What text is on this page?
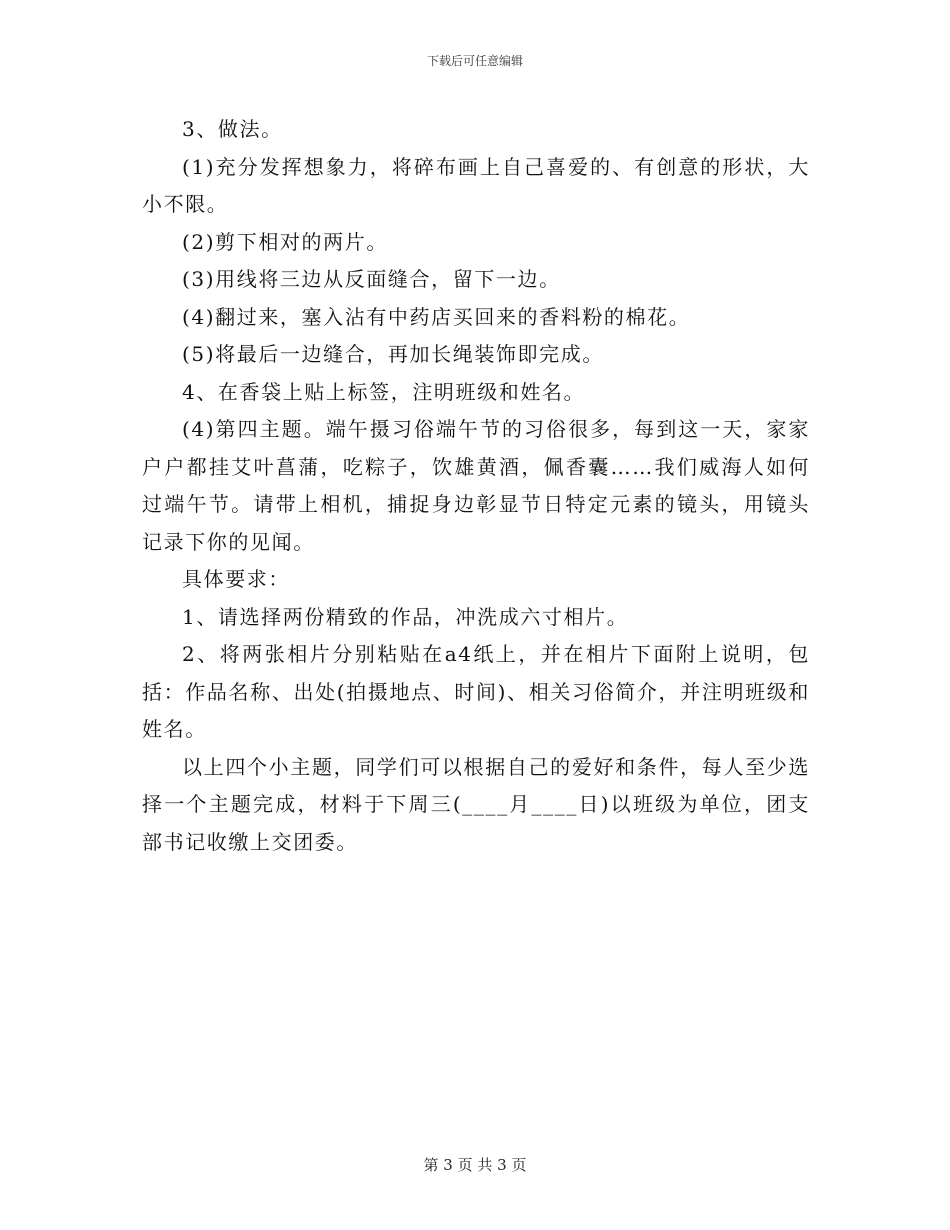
下载后可任意编辑

3、做法。

(1)充分发挥想象力，将碎布画上自己喜爱的、有创意的形状，大小不限。

(2)剪下相对的两片。

(3)用线将三边从反面缝合，留下一边。

(4)翻过来，塞入沾有中药店买回来的香料粉的棉花。

(5)将最后一边缝合，再加长绳装饰即完成。

4、在香袋上贴上标签，注明班级和姓名。

(4)第四主题。端午摄习俗端午节的习俗很多，每到这一天，家家户户都挂艾叶菖蒲，吃粽子，饮雄黄酒，佩香囊……我们威海人如何过端午节。请带上相机，捕捉身边彰显节日特定元素的镜头，用镜头记录下你的见闻。

具体要求：

1、请选择两份精致的作品，冲洗成六寸相片。

2、将两张相片分别粘贴在a4纸上，并在相片下面附上说明，包括：作品名称、出处(拍摄地点、时间)、相关习俗简介，并注明班级和姓名。

以上四个小主题，同学们可以根据自己的爱好和条件，每人至少选择一个主题完成，材料于下周三(____月____日)以班级为单位，团支部书记收缴上交团委。

第 3 页 共 3 页
